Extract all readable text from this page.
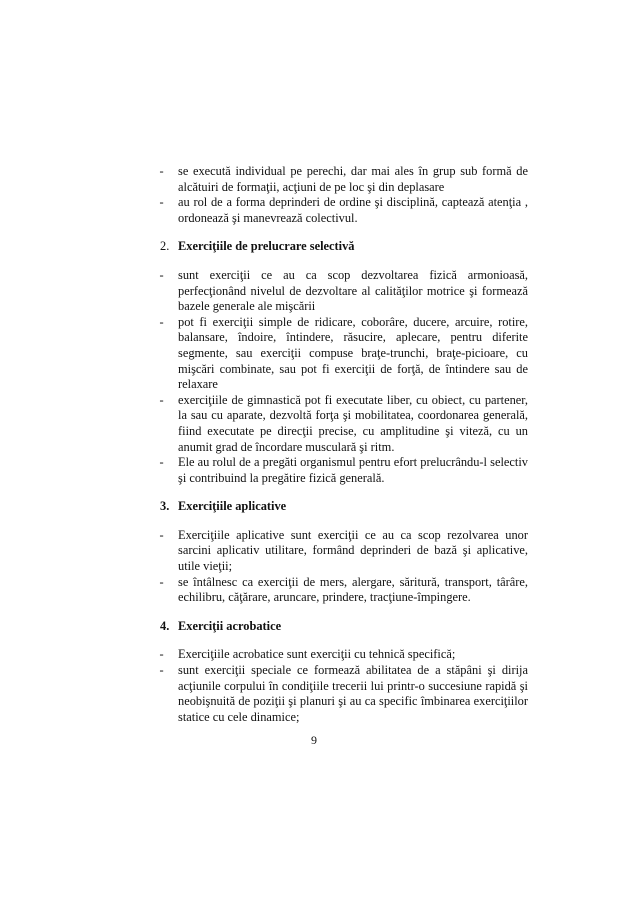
-	se execută individual pe perechi, dar mai ales în grup sub formă de alcătuiri de formaţii, acţiuni de pe loc şi din deplasare
-	au rol de a forma deprinderi de ordine şi disciplină, captează atenţia , ordonează şi manevrează colectivul.
2. Exerciţiile de prelucrare selectivă
-	sunt exerciţii ce au ca scop dezvoltarea fizică armonioasă, perfecţionând nivelul de dezvoltare al calităţilor motrice şi formează bazele generale ale mişcării
-	pot fi exerciţii simple de ridicare, coborâre, ducere, arcuire, rotire, balansare, îndoire, întindere, răsucire, aplecare, pentru diferite segmente, sau exerciţii compuse braţe-trunchi, braţe-picioare, cu mişcări combinate, sau pot fi exerciţii de forţă, de întindere sau de relaxare
-	exerciţiile de gimnastică pot fi executate liber, cu obiect, cu partener, la sau cu aparate, dezvoltă forţa şi mobilitatea, coordonarea generală, fiind executate pe direcţii precise, cu amplitudine şi viteză, cu un anumit grad de încordare musculară şi ritm.
-	Ele au rolul de a pregăti organismul pentru efort prelucrându-l selectiv şi contribuind la pregătire fizică generală.
3. Exerciţiile aplicative
-	Exerciţiile aplicative sunt exerciţii ce au ca scop rezolvarea unor sarcini aplicativ utilitare, formând deprinderi de bază şi aplicative, utile vieţii;
-	se întâlnesc ca exerciţii de mers, alergare, săritură, transport, târâre, echilibru, căţărare, aruncare, prindere, tracţiune-împingere.
4. Exerciţii acrobatice
-	Exerciţiile acrobatice sunt exerciţii cu tehnică specifică;
-	sunt exerciţii speciale ce formează abilitatea de a stăpâni şi dirija acţiunile corpului în condiţiile trecerii lui printr-o succesiune rapidă şi neobişnuită de poziţii şi planuri şi au ca specific îmbinarea exerciţiilor statice cu cele dinamice;
9
